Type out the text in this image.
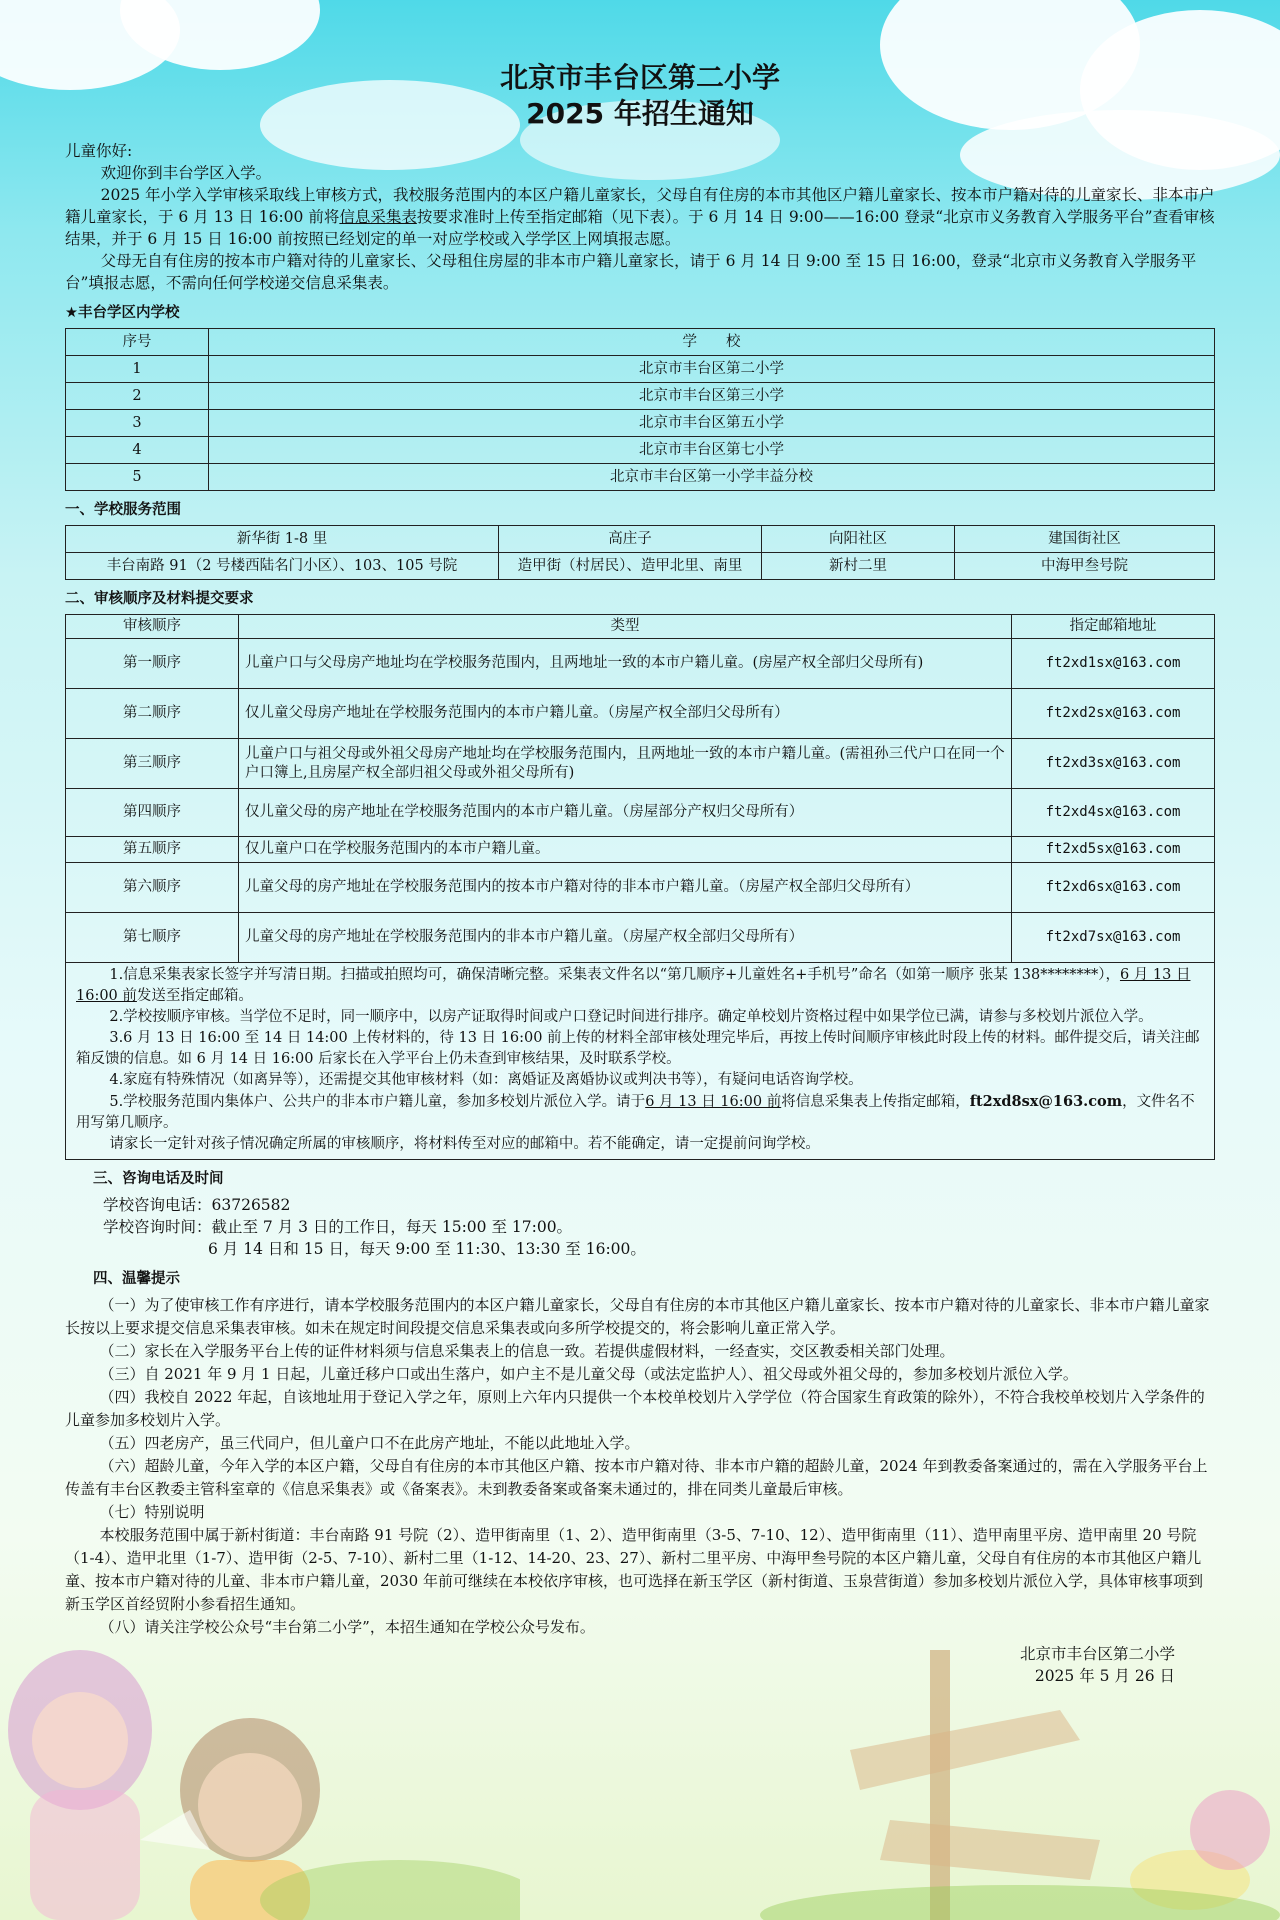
北京市丰台区第二小学
2025 年招生通知

儿童你好:

欢迎你到丰台学区入学。

2025 年小学入学审核采取线上审核方式，我校服务范围内的本区户籍儿童家长，父母自有住房的本市其他区户籍儿童家长、按本市户籍对待的儿童家长、非本市户籍儿童家长，于 6 月 13 日 16:00 前将信息采集表按要求准时上传至指定邮箱（见下表）。于 6 月 14 日 9:00——16:00 登录“北京市义务教育入学服务平台”查看审核结果，并于 6 月 15 日 16:00 前按照已经划定的单一对应学校或入学学区上网填报志愿。

父母无自有住房的按本市户籍对待的儿童家长、父母租住房屋的非本市户籍儿童家长，请于 6 月 14 日 9:00 至 15 日 16:00，登录“北京市义务教育入学服务平台”填报志愿，不需向任何学校递交信息采集表。

★丰台学区内学校
序号	学　　校
1	北京市丰台区第二小学
2	北京市丰台区第三小学
3	北京市丰台区第五小学
4	北京市丰台区第七小学
5	北京市丰台区第一小学丰益分校
一、学校服务范围
新华街 1-8 里	高庄子	向阳社区	建国街社区
丰台南路 91（2 号楼西陆名门小区）、103、105 号院	造甲街（村居民）、造甲北里、南里	新村二里	中海甲叁号院
二、审核顺序及材料提交要求
审核顺序	类型	指定邮箱地址
第一顺序	儿童户口与父母房产地址均在学校服务范围内，且两地址一致的本市户籍儿童。(房屋产权全部归父母所有)	ft2xd1sx@163.com
第二顺序	仅儿童父母房产地址在学校服务范围内的本市户籍儿童。（房屋产权全部归父母所有）	ft2xd2sx@163.com
第三顺序	儿童户口与祖父母或外祖父母房产地址均在学校服务范围内，且两地址一致的本市户籍儿童。(需祖孙三代户口在同一个户口簿上,且房屋产权全部归祖父母或外祖父母所有)	ft2xd3sx@163.com
第四顺序	仅儿童父母的房产地址在学校服务范围内的本市户籍儿童。（房屋部分产权归父母所有）	ft2xd4sx@163.com
第五顺序	仅儿童户口在学校服务范围内的本市户籍儿童。	ft2xd5sx@163.com
第六顺序	儿童父母的房产地址在学校服务范围内的按本市户籍对待的非本市户籍儿童。（房屋产权全部归父母所有）	ft2xd6sx@163.com
第七顺序	儿童父母的房产地址在学校服务范围内的非本市户籍儿童。（房屋产权全部归父母所有）	ft2xd7sx@163.com

1.信息采集表家长签字并写清日期。扫描或拍照均可，确保清晰完整。采集表文件名以“第几顺序+儿童姓名+手机号”命名（如第一顺序 张某 138********），6 月 13 日 16:00 前发送至指定邮箱。

2.学校按顺序审核。当学位不足时，同一顺序中，以房产证取得时间或户口登记时间进行排序。确定单校划片资格过程中如果学位已满，请参与多校划片派位入学。

3.6 月 13 日 16:00 至 14 日 14:00 上传材料的，待 13 日 16:00 前上传的材料全部审核处理完毕后，再按上传时间顺序审核此时段上传的材料。邮件提交后，请关注邮箱反馈的信息。如 6 月 14 日 16:00 后家长在入学平台上仍未查到审核结果，及时联系学校。

4.家庭有特殊情况（如离异等），还需提交其他审核材料（如：离婚证及离婚协议或判决书等），有疑问电话咨询学校。

5.学校服务范围内集体户、公共户的非本市户籍儿童，参加多校划片派位入学。请于6 月 13 日 16:00 前将信息采集表上传指定邮箱，ft2xd8sx@163.com，文件名不用写第几顺序。

请家长一定针对孩子情况确定所属的审核顺序，将材料传至对应的邮箱中。若不能确定，请一定提前问询学校。

三、咨询电话及时间

学校咨询电话：63726582

学校咨询时间：截止至 7 月 3 日的工作日，每天 15:00 至 17:00。

6 月 14 日和 15 日，每天 9:00 至 11:30、13:30 至 16:00。

四、温馨提示

（一）为了使审核工作有序进行，请本学校服务范围内的本区户籍儿童家长，父母自有住房的本市其他区户籍儿童家长、按本市户籍对待的儿童家长、非本市户籍儿童家长按以上要求提交信息采集表审核。如未在规定时间段提交信息采集表或向多所学校提交的，将会影响儿童正常入学。

（二）家长在入学服务平台上传的证件材料须与信息采集表上的信息一致。若提供虚假材料，一经查实，交区教委相关部门处理。

（三）自 2021 年 9 月 1 日起，儿童迁移户口或出生落户，如户主不是儿童父母（或法定监护人）、祖父母或外祖父母的，参加多校划片派位入学。

（四）我校自 2022 年起，自该地址用于登记入学之年，原则上六年内只提供一个本校单校划片入学学位（符合国家生育政策的除外），不符合我校单校划片入学条件的儿童参加多校划片入学。

（五）四老房产，虽三代同户，但儿童户口不在此房产地址，不能以此地址入学。

（六）超龄儿童，今年入学的本区户籍，父母自有住房的本市其他区户籍、按本市户籍对待、非本市户籍的超龄儿童，2024 年到教委备案通过的，需在入学服务平台上传盖有丰台区教委主管科室章的《信息采集表》或《备案表》。未到教委备案或备案未通过的，排在同类儿童最后审核。

（七）特别说明

本校服务范围中属于新村街道：丰台南路 91 号院（2）、造甲街南里（1、2）、造甲街南里（3-5、7-10、12）、造甲街南里（11）、造甲南里平房、造甲南里 20 号院（1-4）、造甲北里（1-7）、造甲街（2-5、7-10）、新村二里（1-12、14-20、23、27）、新村二里平房、中海甲叁号院的本区户籍儿童，父母自有住房的本市其他区户籍儿童、按本市户籍对待的儿童、非本市户籍儿童，2030 年前可继续在本校依序审核，也可选择在新玉学区（新村街道、玉泉营街道）参加多校划片派位入学，具体审核事项到新玉学区首经贸附小参看招生通知。

（八）请关注学校公众号“丰台第二小学”，本招生通知在学校公众号发布。

北京市丰台区第二小学

2025 年 5 月 26 日
